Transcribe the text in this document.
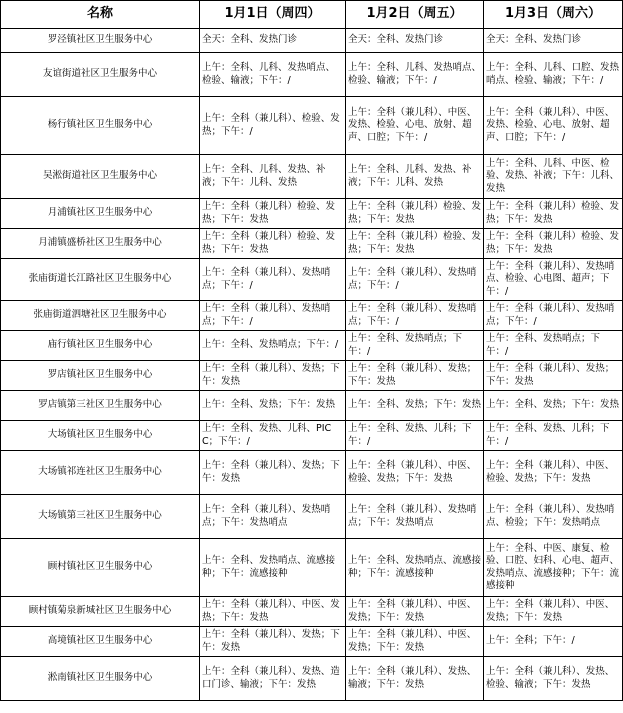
名称	1月1日（周四）	1月2日（周五）	1月3日（周六）
罗泾镇社区卫生服务中心	全天：全科、发热门诊	全天：全科、发热门诊	全天：全科、发热门诊
友谊街道社区卫生服务中心	上午：全科、儿科、发热哨点、检验、输液；下午：/	上午：全科、儿科、发热哨点、检验、输液；下午：/	上午：全科、儿科、口腔、发热哨点、检验、输液；下午：/
杨行镇社区卫生服务中心	上午：全科（兼儿科）、检验、发热；下午：/	上午：全科（兼儿科）、中医、发热、检验、心电、放射、超声、口腔；下午：/	上午：全科（兼儿科）、中医、发热、检验、心电、放射、超声、口腔；下午：/
吴淞街道社区卫生服务中心	上午：全科、儿科、发热、补液；下午：儿科、发热	上午：全科、儿科、发热、补液；下午：儿科、发热	上午：全科、儿科、中医、检验、发热、补液；下午：儿科、发热
月浦镇社区卫生服务中心	上午：全科（兼儿科）检验、发热；下午：发热	上午：全科（兼儿科）检验、发热；下午：发热	上午：全科（兼儿科）检验、发热；下午：发热
月浦镇盛桥社区卫生服务中心	上午：全科（兼儿科）检验、发热；下午：发热	上午：全科（兼儿科）检验、发热；下午：发热	上午：全科（兼儿科）检验、发热；下午：发热
张庙街道长江路社区卫生服务中心	上午：全科（兼儿科）、发热哨点；下午：/	上午：全科（兼儿科）、发热哨点；下午：/	上午：全科（兼儿科）、发热哨点、检验、心电图、超声；下午：/
张庙街道泗塘社区卫生服务中心	上午：全科（兼儿科）、发热哨点；下午：/	上午：全科（兼儿科）、发热哨点；下午：/	上午：全科（兼儿科）、发热哨点；下午：/
庙行镇社区卫生服务中心	上午：全科、发热哨点；下午：/	上午：全科、发热哨点；下午：/	上午：全科、发热哨点；下午：/
罗店镇社区卫生服务中心	上午：全科（兼儿科）、发热；下午：发热	上午：全科（兼儿科）、发热；下午：发热	上午：全科（兼儿科）、发热；下午：发热
罗店镇第三社区卫生服务中心	上午：全科、发热；下午：发热	上午：全科、发热；下午：发热	上午：全科、发热；下午：发热
大场镇社区卫生服务中心	上午：全科、发热、儿科、PICC；下午：/	上午：全科、发热、儿科；下午：/	上午：全科、发热、儿科；下午：/
大场镇祁连社区卫生服务中心	上午：全科（兼儿科）、发热；下午：发热	上午：全科（兼儿科）、中医、检验、发热；下午：发热	上午：全科（兼儿科）、中医、检验、发热；下午：发热
大场镇第三社区卫生服务中心	上午：全科（兼儿科）、发热哨点；下午：发热哨点	上午：全科（兼儿科）、发热哨点；下午：发热哨点	上午：全科（兼儿科）、发热哨点、检验；下午：发热哨点
顾村镇社区卫生服务中心	上午：全科、发热哨点、流感接种；下午：流感接种	上午：全科、发热哨点、流感接种；下午：流感接种	上午：全科、中医、康复、检验、口腔、妇科、心电、超声、发热哨点、流感接种；下午：流感接种
顾村镇菊泉新城社区卫生服务中心	上午：全科（兼儿科）、中医、发热；下午：发热	上午：全科（兼儿科）、中医、发热；下午：发热	上午：全科（兼儿科）、中医、发热；下午：发热
高境镇社区卫生服务中心	上午：全科（兼儿科）、发热；下午：发热	上午：全科（兼儿科）、中医、发热；下午：发热	上午：全科；下午：/
淞南镇社区卫生服务中心	上午：全科（兼儿科）、发热、造口门诊、输液；下午：发热	上午：全科（兼儿科）、发热、输液；下午：发热	上午：全科（兼儿科）、发热、检验、输液；下午：发热
